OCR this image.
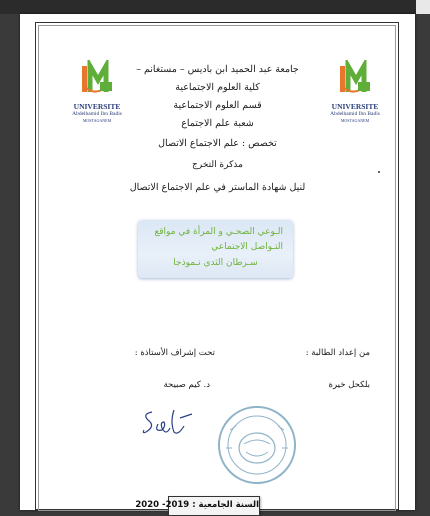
UNIVERSITE
Abdelhamid Ibn Badis
MOSTAGANEM
UNIVERSITE
Abdelhamid Ibn Badis
MOSTAGANEM
جامعة عبد الحميد ابن باديس – مستغانم –
كلية العلوم الاجتماعية
قسم العلوم الاجتماعية
شعبة علم الاجتماع
تخصص : علم الاجتماع الاتصال
مذكرة التخرج
لنيل شهادة الماستر في علم الاجتماع الاتصال
الـوعي الصحـي و المرأة في مواقع
التـواصل الاجتماعي
سـرطان الثدي نـموذجا
من إعداد الطالبة :
تحت إشراف الأستاذة :
بلكحل خيرة
د. كيم صبيحة
السنة الجامعية : 2019- 2020
